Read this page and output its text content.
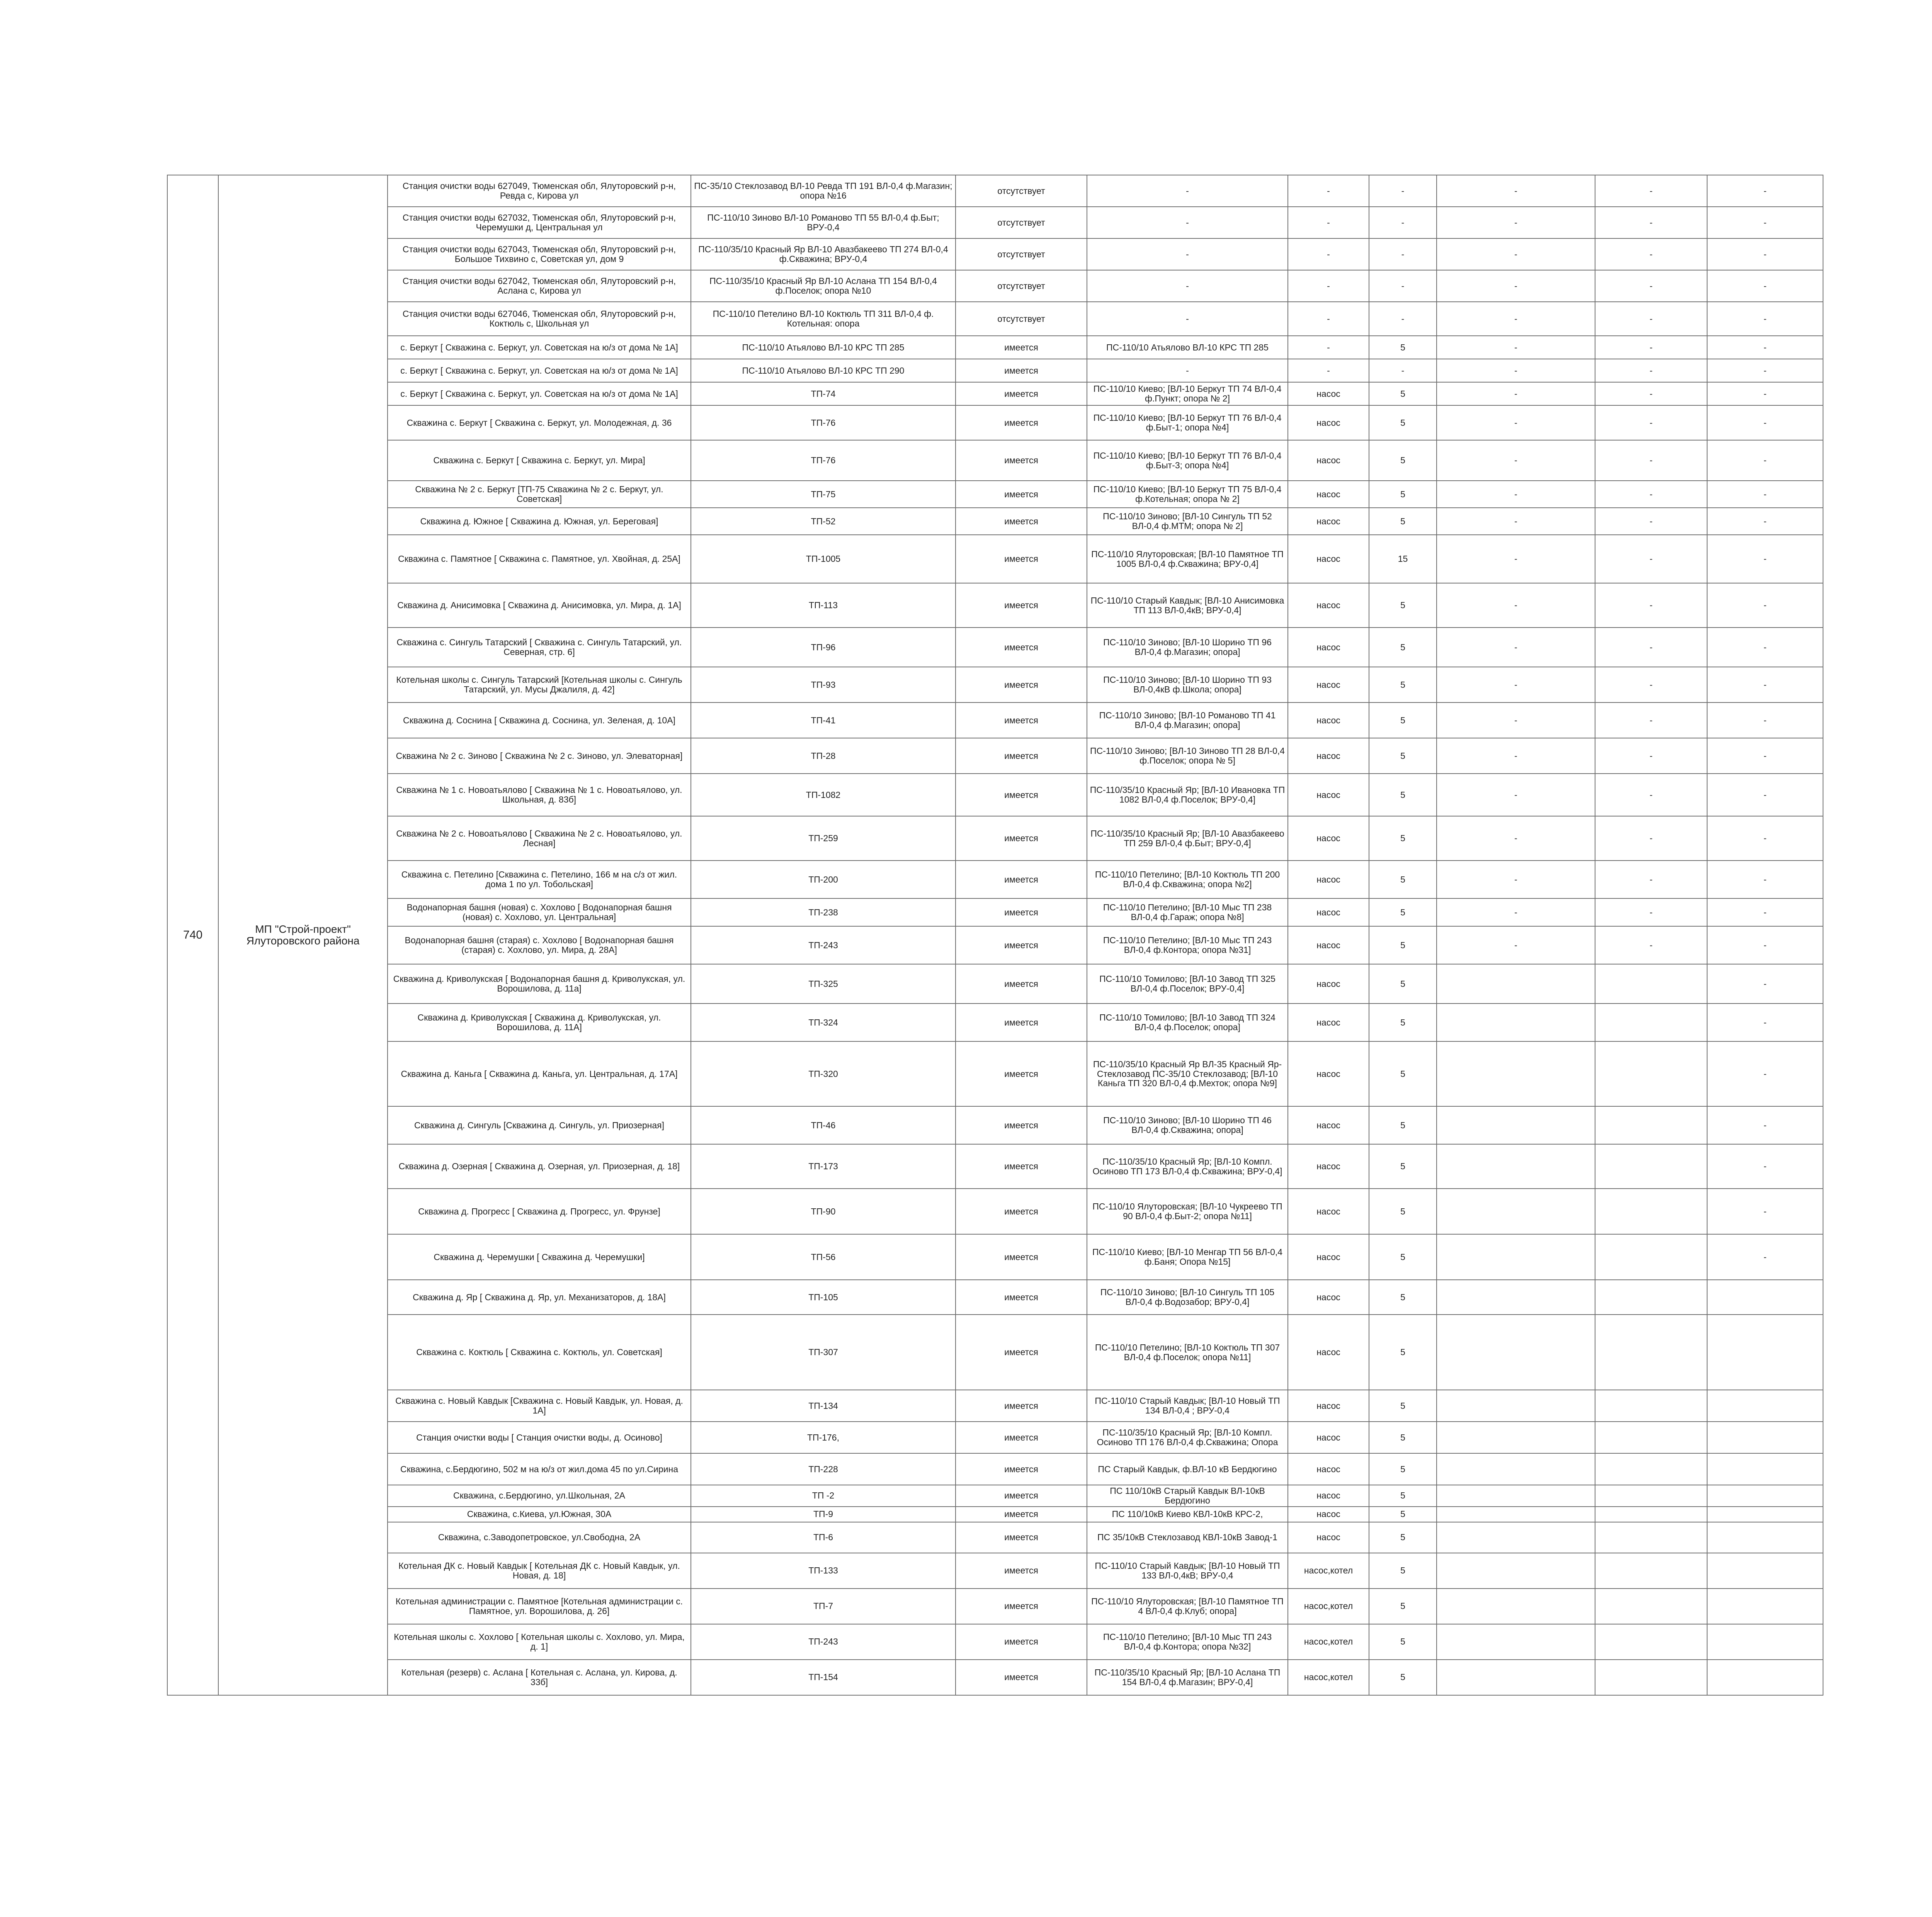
740	МП "Строй-проект" Ялуторовского района	Станция очистки воды 627049, Тюменская обл, Ялуторовский р-н, Ревда с, Кирова ул	ПС-35/10 Стеклозавод ВЛ-10 Ревда ТП 191 ВЛ-0,4 ф.Магазин; опора №16	отсутствует	-	-	-	-	-	-
		Станция очистки воды 627032, Тюменская обл, Ялуторовский р-н, Черемушки д, Центральная ул	ПС-110/10 Зиново ВЛ-10 Романово ТП 55 ВЛ-0,4 ф.Быт; ВРУ-0,4	отсутствует	-	-	-	-	-	-
		Станция очистки воды 627043, Тюменская обл, Ялуторовский р-н, Большое Тихвино с, Советская ул, дом 9	ПС-110/35/10 Красный Яр ВЛ-10 Авазбакеево ТП 274 ВЛ-0,4 ф.Скважина; ВРУ-0,4	отсутствует	-	-	-	-	-	-
		Станция очистки воды 627042, Тюменская обл, Ялуторовский р-н, Аслана с, Кирова ул	ПС-110/35/10 Красный Яр ВЛ-10 Аслана ТП 154 ВЛ-0,4 ф.Поселок; опора №10	отсутствует	-	-	-	-	-	-
		Станция очистки воды 627046, Тюменская обл, Ялуторовский р-н, Коктюль с, Школьная ул	ПС-110/10 Петелино ВЛ-10 Коктюль ТП 311 ВЛ-0,4 ф. Котельная: опора	отсутствует	-	-	-	-	-	-
		с. Беркут [ Скважина с. Беркут, ул. Советская на ю/з от дома № 1А]	ПС-110/10 Атьялово ВЛ-10 КРС ТП 285	имеется	ПС-110/10 Атьялово ВЛ-10 КРС ТП 285	-	5	-	-	-
		с. Беркут [ Скважина с. Беркут, ул. Советская на ю/з от дома № 1А]	ПС-110/10 Атьялово ВЛ-10 КРС ТП 290	имеется	-	-	-	-	-	-
		с. Беркут [ Скважина с. Беркут, ул. Советская на ю/з от дома № 1А]	ТП-74	имеется	ПС-110/10 Киево; [ВЛ-10 Беркут ТП 74 ВЛ-0,4 ф.Пункт; опора № 2]	насос	5	-	-	-
		Скважина с. Беркут [ Скважина с. Беркут, ул. Молодежная, д. 36	ТП-76	имеется	ПС-110/10 Киево; [ВЛ-10 Беркут ТП 76 ВЛ-0,4 ф.Быт-1; опора №4]	насос	5	-	-	-
		Скважина с. Беркут [ Скважина с. Беркут, ул. Мира]	ТП-76	имеется	ПС-110/10 Киево; [ВЛ-10 Беркут ТП 76 ВЛ-0,4 ф.Быт-3; опора №4]	насос	5	-	-	-
		Скважина № 2 с. Беркут [ТП-75 Скважина № 2 с. Беркут, ул. Советская]	ТП-75	имеется	ПС-110/10 Киево; [ВЛ-10 Беркут ТП 75 ВЛ-0,4 ф.Котельная; опора № 2]	насос	5	-	-	-
		Скважина д. Южное [ Скважина д. Южная, ул. Береговая]	ТП-52	имеется	ПС-110/10 Зиново; [ВЛ-10 Сингуль ТП 52 ВЛ-0,4 ф.МТМ; опора № 2]	насос	5	-	-	-
		Скважина с. Памятное [ Скважина с. Памятное, ул. Хвойная, д. 25А]	ТП-1005	имеется	ПС-110/10 Ялуторовская; [ВЛ-10 Памятное ТП 1005 ВЛ-0,4 ф.Скважина; ВРУ-0,4]	насос	15	-	-	-
		Скважина д. Анисимовка [ Скважина д. Анисимовка, ул. Мира, д. 1А]	ТП-113	имеется	ПС-110/10 Старый Кавдык; [ВЛ-10 Анисимовка ТП 113 ВЛ-0,4кВ; ВРУ-0,4]	насос	5	-	-	-
		Скважина с. Сингуль Татарский [ Скважина с. Сингуль Татарский, ул. Северная, стр. 6]	ТП-96	имеется	ПС-110/10 Зиново; [ВЛ-10 Шорино ТП 96 ВЛ-0,4 ф.Магазин; опора]	насос	5	-	-	-
		Котельная школы с. Сингуль Татарский [Котельная школы с. Сингуль Татарский, ул. Мусы Джалиля, д. 42]	ТП-93	имеется	ПС-110/10 Зиново; [ВЛ-10 Шорино ТП 93 ВЛ-0,4кВ ф.Школа; опора]	насос	5	-	-	-
		Скважина д. Соснина [ Скважина д. Соснина, ул. Зеленая, д. 10А]	ТП-41	имеется	ПС-110/10 Зиново; [ВЛ-10 Романово ТП 41 ВЛ-0,4 ф.Магазин; опора]	насос	5	-	-	-
		Скважина № 2 с. Зиново [ Скважина № 2 с. Зиново, ул. Элеваторная]	ТП-28	имеется	ПС-110/10 Зиново; [ВЛ-10 Зиново ТП 28 ВЛ-0,4 ф.Поселок; опора № 5]	насос	5	-	-	-
		Скважина № 1 с. Новоатьялово [ Скважина № 1 с. Новоатьялово, ул. Школьная, д. 83б]	ТП-1082	имеется	ПС-110/35/10 Красный Яр; [ВЛ-10 Ивановка ТП 1082 ВЛ-0,4 ф.Поселок; ВРУ-0,4]	насос	5	-	-	-
		Скважина № 2 с. Новоатьялово [ Скважина № 2 с. Новоатьялово, ул. Лесная]	ТП-259	имеется	ПС-110/35/10 Красный Яр; [ВЛ-10 Авазбакеево ТП 259 ВЛ-0,4 ф.Быт; ВРУ-0,4]	насос	5	-	-	-
		Скважина с. Петелино [Скважина с. Петелино, 166 м на с/з от жил. дома 1 по ул. Тобольская]	ТП-200	имеется	ПС-110/10 Петелино; [ВЛ-10 Коктюль ТП 200 ВЛ-0,4 ф.Скважина; опора №2]	насос	5	-	-	-
		Водонапорная башня (новая) с. Хохлово [ Водонапорная башня (новая) с. Хохлово, ул. Центральная]	ТП-238	имеется	ПС-110/10 Петелино; [ВЛ-10 Мыс ТП 238 ВЛ-0,4 ф.Гараж; опора №8]	насос	5	-	-	-
		Водонапорная башня (старая) с. Хохлово [ Водонапорная башня (старая) с. Хохлово, ул. Мира, д. 28А]	ТП-243	имеется	ПС-110/10 Петелино; [ВЛ-10 Мыс ТП 243 ВЛ-0,4 ф.Контора; опора №31]	насос	5	-	-	-
		Скважина д. Криволукская [ Водонапорная башня д. Криволукская, ул. Ворошилова, д. 11а]	ТП-325	имеется	ПС-110/10 Томилово; [ВЛ-10 Завод ТП 325 ВЛ-0,4 ф.Поселок; ВРУ-0,4]	насос	5			-
		Скважина д. Криволукская [ Скважина д. Криволукская, ул. Ворошилова, д. 11А]	ТП-324	имеется	ПС-110/10 Томилово; [ВЛ-10 Завод ТП 324 ВЛ-0,4 ф.Поселок; опора]	насос	5			-
		Скважина д. Каньга [ Скважина д. Каньга, ул. Центральная, д. 17А]	ТП-320	имеется	ПС-110/35/10 Красный Яр ВЛ-35 Красный Яр-Стеклозавод ПС-35/10 Стеклозавод; [ВЛ-10 Каньга ТП 320 ВЛ-0,4 ф.Мехток; опора №9]	насос	5			-
		Скважина д. Сингуль [Скважина д. Сингуль, ул. Приозерная]	ТП-46	имеется	ПС-110/10 Зиново; [ВЛ-10 Шорино ТП 46 ВЛ-0,4 ф.Скважина; опора]	насос	5			-
		Скважина д. Озерная [ Скважина д. Озерная, ул. Приозерная, д. 18]	ТП-173	имеется	ПС-110/35/10 Красный Яр; [ВЛ-10 Компл. Осиново ТП 173 ВЛ-0,4 ф.Скважина; ВРУ-0,4]	насос	5			-
		Скважина д. Прогресс [ Скважина д. Прогресс, ул. Фрунзе]	ТП-90	имеется	ПС-110/10 Ялуторовская; [ВЛ-10 Чукреево ТП 90 ВЛ-0,4 ф.Быт-2; опора №11]	насос	5			-
		Скважина д. Черемушки [ Скважина д. Черемушки]	ТП-56	имеется	ПС-110/10 Киево; [ВЛ-10 Менгар ТП 56 ВЛ-0,4 ф.Баня; Опора №15]	насос	5			-
		Скважина д. Яр [ Скважина д. Яр, ул. Механизаторов, д. 18А]	ТП-105	имеется	ПС-110/10 Зиново; [ВЛ-10 Сингуль ТП 105 ВЛ-0,4 ф.Водозабор; ВРУ-0,4]	насос	5			
		Скважина с. Коктюль [ Скважина с. Коктюль, ул. Советская]	ТП-307	имеется	ПС-110/10 Петелино; [ВЛ-10 Коктюль ТП 307 ВЛ-0,4 ф.Поселок; опора №11]	насос	5			
		Скважина с. Новый Кавдык [Скважина с. Новый Кавдык, ул. Новая, д. 1А]	ТП-134	имеется	ПС-110/10 Старый Кавдык; [ВЛ-10 Новый ТП 134 ВЛ-0,4 ; ВРУ-0,4	насос	5			
		Станция очистки воды [ Станция очистки воды, д. Осиново]	ТП-176,	имеется	ПС-110/35/10 Красный Яр; [ВЛ-10 Компл. Осиново ТП 176 ВЛ-0,4 ф.Скважина; Опора	насос	5			
		Скважина, с.Бердюгино, 502 м на ю/з от жил.дома 45 по ул.Сирина	ТП-228	имеется	ПС Старый Кавдык, ф.ВЛ-10 кВ Бердюгино	насос	5			
		Скважина, с.Бердюгино, ул.Школьная, 2А	ТП -2	имеется	ПС 110/10кВ Старый Кавдык ВЛ-10кВ Бердюгино	насос	5			
		Скважина, с.Киева, ул.Южная, 30А	ТП-9	имеется	ПС 110/10кВ Киево КВЛ-10кВ КРС-2,	насос	5			
		Скважина, с.Заводопетровское, ул.Свободна, 2А	ТП-6	имеется	ПС 35/10кВ Стеклозавод КВЛ-10кВ Завод-1	насос	5			
		Котельная ДК с. Новый Кавдык [ Котельная ДК с. Новый Кавдык, ул. Новая, д. 18]	ТП-133	имеется	ПС-110/10 Старый Кавдык; [ВЛ-10 Новый ТП 133 ВЛ-0,4кВ; ВРУ-0,4	насос,котел	5			
		Котельная администрации с. Памятное [Котельная администрации с. Памятное, ул. Ворошилова, д. 26]	ТП-7	имеется	ПС-110/10 Ялуторовская; [ВЛ-10 Памятное ТП 4 ВЛ-0,4 ф.Клуб; опора]	насос,котел	5			
		Котельная школы с. Хохлово [ Котельная школы с. Хохлово, ул. Мира, д. 1]	ТП-243	имеется	ПС-110/10 Петелино; [ВЛ-10 Мыс ТП 243 ВЛ-0,4 ф.Контора; опора №32]	насос,котел	5			
		Котельная (резерв) с. Аслана [ Котельная с. Аслана, ул. Кирова, д. 33б]	ТП-154	имеется	ПС-110/35/10 Красный Яр; [ВЛ-10 Аслана ТП 154 ВЛ-0,4 ф.Магазин; ВРУ-0,4]	насос,котел	5			
